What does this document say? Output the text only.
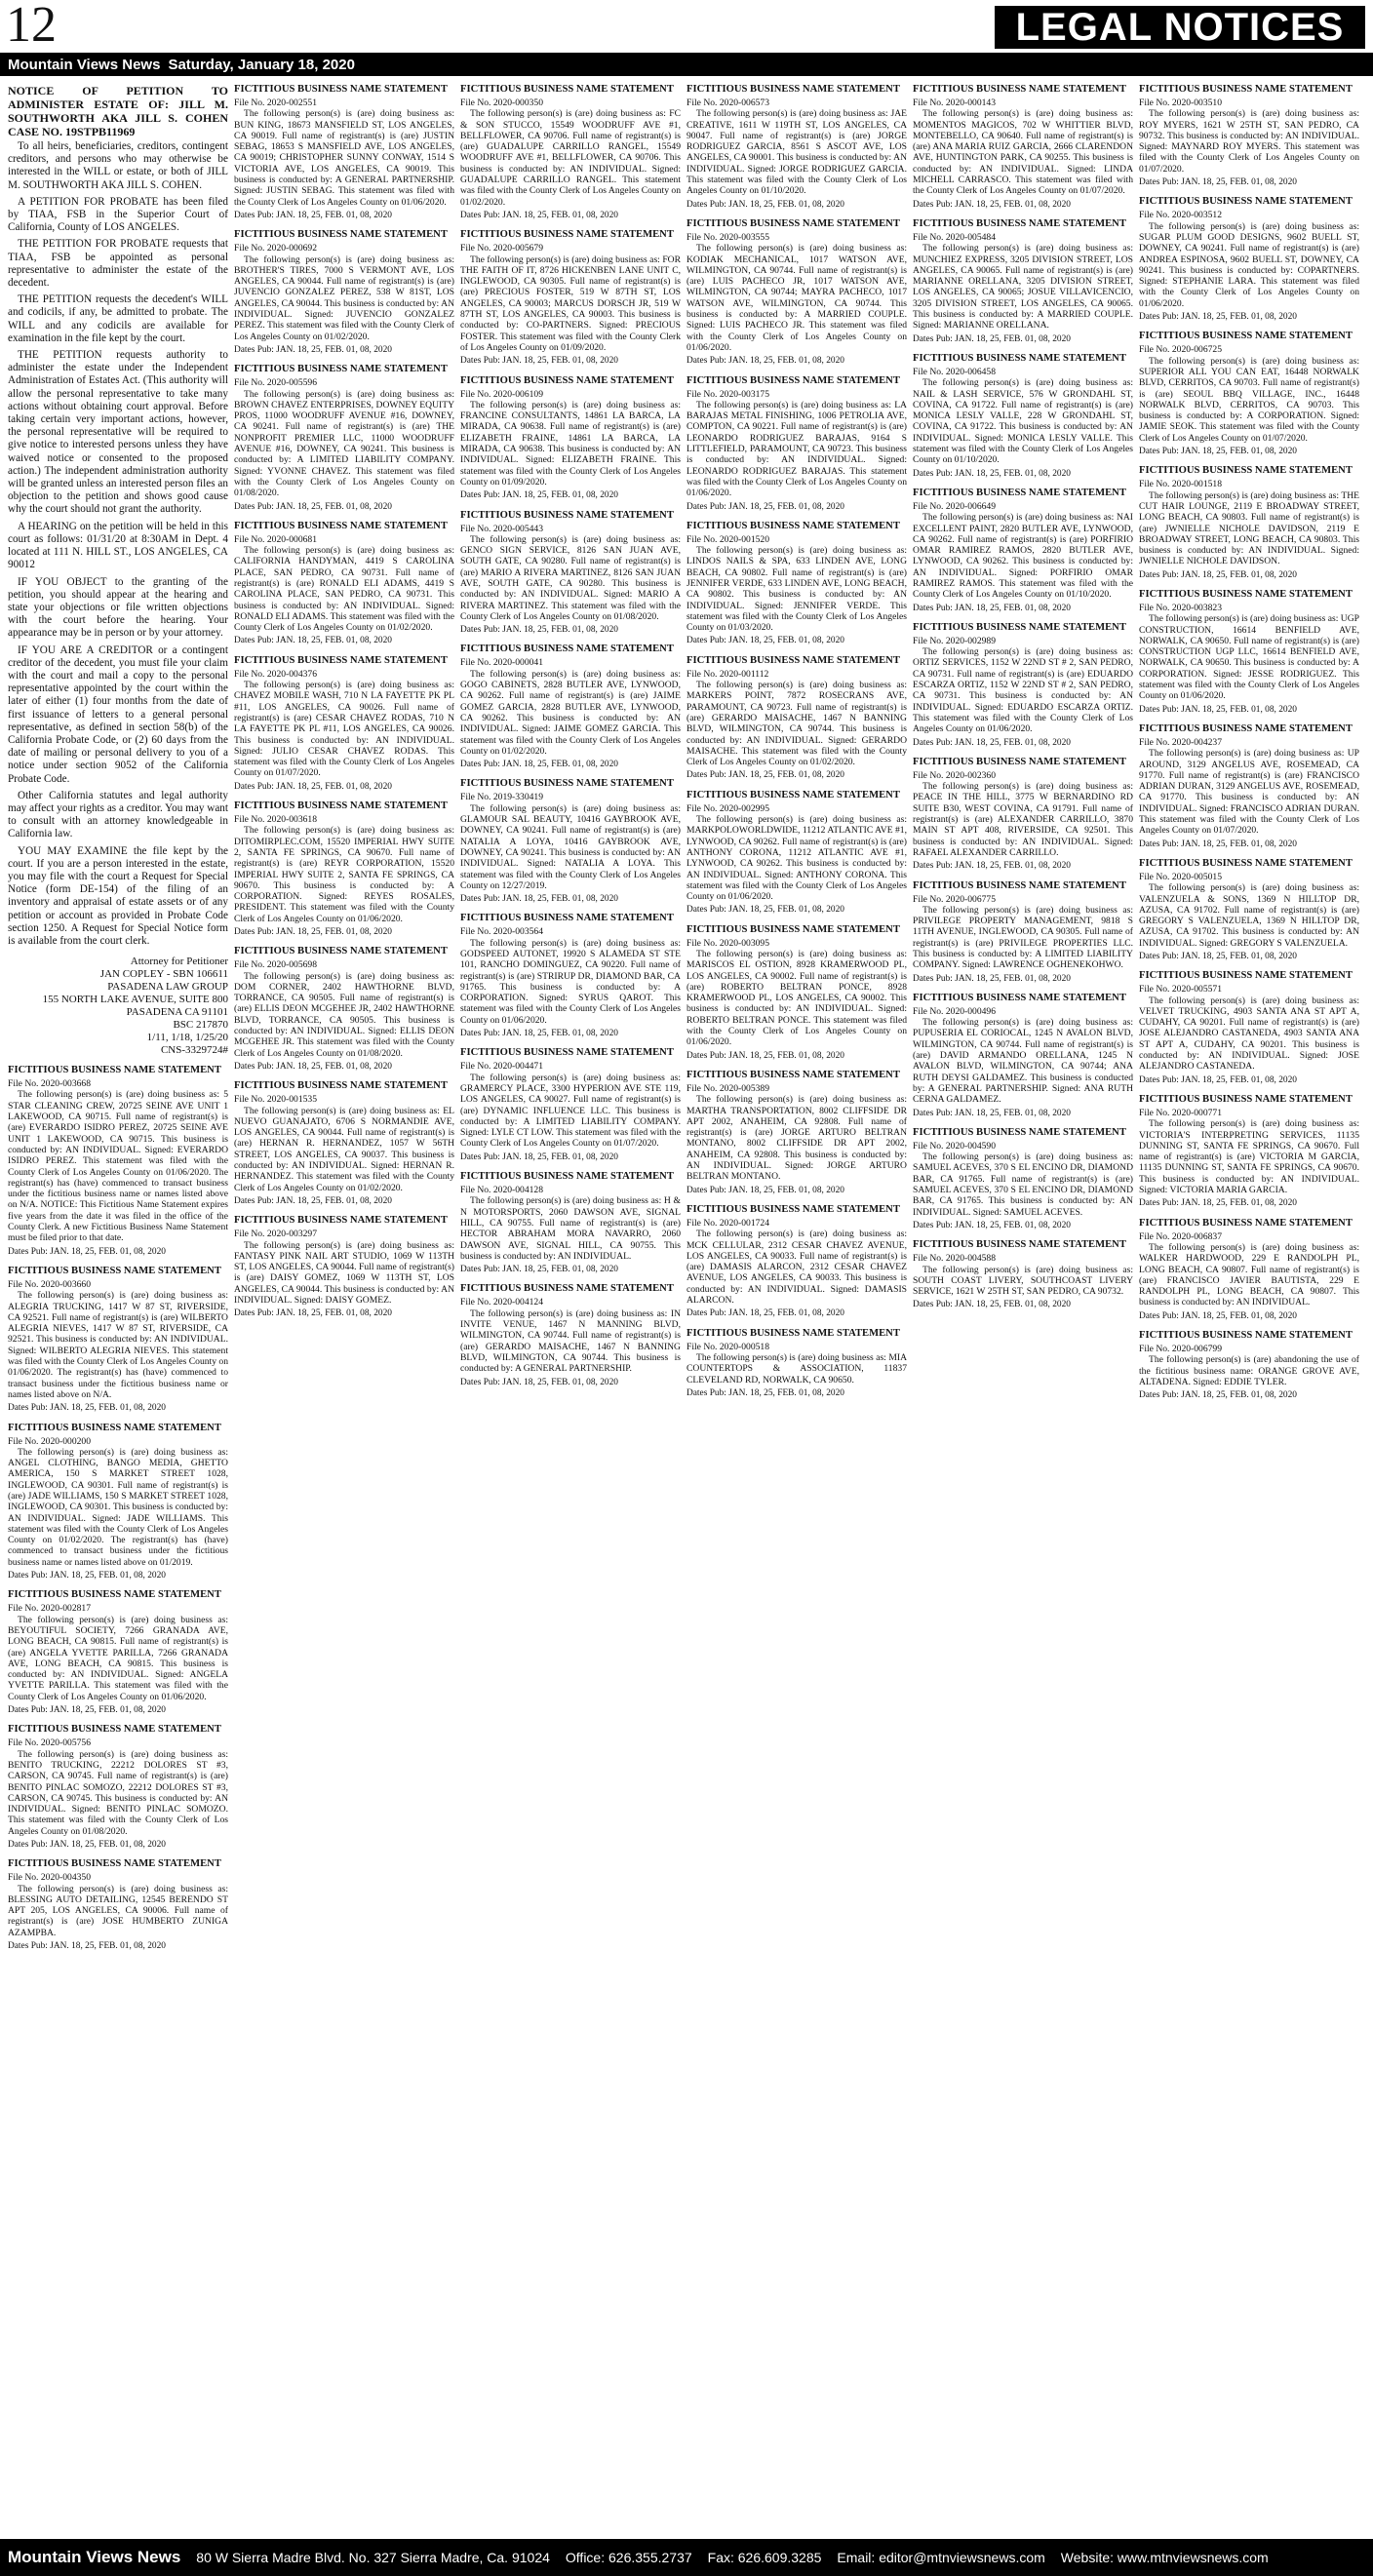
12	LEGAL NOTICES
Mountain Views News Saturday, January 18, 2020
NOTICE OF PETITION TO ADMINISTER ESTATE OF: JILL M. SOUTHWORTH AKA JILL S. COHEN CASE NO. 19STPB11969

To all heirs, beneficiaries, creditors, contingent creditors, and persons who may otherwise be interested in the WILL or estate, or both of JILL M. SOUTHWORTH AKA JILL S. COHEN.

A PETITION FOR PROBATE has been filed by TIAA, FSB in the Superior Court of California, County of LOS ANGELES.

THE PETITION FOR PROBATE requests that TIAA, FSB be appointed as personal representative to administer the estate of the decedent.

THE PETITION requests the decedent's WILL and codicils, if any, be admitted to probate. The WILL and any codicils are available for examination in the file kept by the court.

THE PETITION requests authority to administer the estate under the Independent Administration of Estates Act. (This authority will allow the personal representative to take many actions without obtaining court approval. Before taking certain very important actions, however, the personal representative will be required to give notice to interested persons unless they have waived notice or consented to the proposed action.) The independent administration authority will be granted unless an interested person files an objection to the petition and shows good cause why the court should not grant the authority.

A HEARING on the petition will be held in this court as follows: 01/31/20 at 8:30AM in Dept. 4 located at 111 N. HILL ST., LOS ANGELES, CA 90012

IF YOU OBJECT to the granting of the petition, you should appear at the hearing and state your objections or file written objections with the court before the hearing. Your appearance may be in person or by your attorney.

IF YOU ARE A CREDITOR or a contingent creditor of the decedent, you must file your claim with the court and mail a copy to the personal representative appointed by the court within the later of either (1) four months from the date of first issuance of letters to a general personal representative, as defined in section 58(b) of the California Probate Code, or (2) 60 days from the date of mailing or personal delivery to you of a notice under section 9052 of the California Probate Code.

Other California statutes and legal authority may affect your rights as a creditor. You may want to consult with an attorney knowledgeable in California law.

YOU MAY EXAMINE the file kept by the court. If you are a person interested in the estate, you may file with the court a Request for Special Notice (form DE-154) of the filing of an inventory and appraisal of estate assets or of any petition or account as provided in Probate Code section 1250. A Request for Special Notice form is available from the court clerk.

Attorney for Petitioner
JAN COPLEY - SBN 106611
PASADENA LAW GROUP
155 NORTH LAKE AVENUE, SUITE 800
PASADENA CA 91101
BSC 217870
1/11, 1/18, 1/25/20
CNS-3329724#
FICTITIOUS BUSINESS NAME STATEMENT
File No. 2020-003668

The following person(s) is (are) doing business as: 5 STAR CLEANING CREW, 20725 SEINE AVE UNIT 1 LAKEWOOD, CA 90715. Full name of registrant(s) is (are) EVERARDO ISIDRO PEREZ, 20725 SEINE AVE UNIT 1 LAKEWOOD, CA 90715. This business is conducted by: AN INDIVIDUAL. Signed: EVERARDO ISIDRO PEREZ. This statement was filed with the County Clerk of Los Angeles County on 01/06/2020. The registrant(s) has (have) commenced to transact business under the fictitious business name or names listed above on N/A. NOTICE: This Fictitious Name Statement expires five years from the date it was filed in the office of the County Clerk. A new Fictitious Business Name Statement must be filed prior to that date.

Dates Pub: JAN. 18, 25, FEB. 01, 08, 2020
FICTITIOUS BUSINESS NAME STATEMENT
File No. 2020-003660

The following person(s) is (are) doing business as: ALEGRIA TRUCKING, 1417 W 87 ST, RIVERSIDE, CA 92521. Full name of registrant(s) is (are) WILBERTO ALEGRIA NIEVES, 1417 W 87 ST, RIVERSIDE, CA 92521. This business is conducted by: AN INDIVIDUAL. Signed: WILBERTO ALEGRIA NIEVES. This statement was filed with the County Clerk of Los Angeles County on 01/06/2020. The registrant(s) has (have) commenced to transact business under the fictitious business name or names listed above on N/A.

Dates Pub: JAN. 18, 25, FEB. 01, 08, 2020
FICTITIOUS BUSINESS NAME STATEMENT
File No. 2020-000200

The following person(s) is (are) doing business as: ANGEL CLOTHING, BANGO MEDIA, GHETTO AMERICA, 150 S MARKET STREET 1028, INGLEWOOD, CA 90301. Full name of registrant(s) is (are) JADE WILLIAMS, 150 S MARKET STREET 1028, INGLEWOOD, CA 90301. This business is conducted by: AN INDIVIDUAL. Signed: JADE WILLIAMS. This statement was filed with the County Clerk of Los Angeles County on 01/02/2020. The registrant(s) has (have) commenced to transact business under the fictitious business name or names listed above on 01/2019.

Dates Pub: JAN. 18, 25, FEB. 01, 08, 2020
FICTITIOUS BUSINESS NAME STATEMENT
File No. 2020-002817

The following person(s) is (are) doing business as: BEYOUTIFUL SOCIETY, 7266 GRANADA AVE, LONG BEACH, CA 90815. Full name of registrant(s) is (are) ANGELA YVETTE PARILLA, 7266 GRANADA AVE, LONG BEACH, CA 90815. This business is conducted by: AN INDIVIDUAL. Signed: ANGELA YVETTE PARILLA. This statement was filed with the County Clerk of Los Angeles County on 01/06/2020.

Dates Pub: JAN. 18, 25, FEB. 01, 08, 2020
FICTITIOUS BUSINESS NAME STATEMENT
File No. 2020-005756

The following person(s) is (are) doing business as: BENITO TRUCKING, 22212 DOLORES ST #3, CARSON, CA 90745. Full name of registrant(s) is (are) BENITO PINLAC SOMOZO, 22212 DOLORES ST #3, CARSON, CA 90745. This business is conducted by: AN INDIVIDUAL. Signed: BENITO PINLAC SOMOZO. This statement was filed with the County Clerk of Los Angeles County on 01/08/2020.

Dates Pub: JAN. 18, 25, FEB. 01, 08, 2020
FICTITIOUS BUSINESS NAME STATEMENT
File No. 2020-004350

The following person(s) is (are) doing business as: BLESSING AUTO DETAILING, 12545 BERENDO ST APT 205, LOS ANGELES, CA 90006. Full name of registrant(s) is (are) JOSE HUMBERTO ZUNIGA AZAMPBA.

Dates Pub: JAN. 18, 25, FEB. 01, 08, 2020
FICTITIOUS BUSINESS NAME STATEMENT
File No. 2020-002551

The following person(s) is (are) doing business as: BUN KING, 18673 MANSFIELD ST, LOS ANGELES, CA 90019. Full name of registrant(s) is (are) JUSTIN SEBAG, 18653 S MANSFIELD AVE, LOS ANGELES, CA 90019; CHRISTOPHER SUNNY CONWAY, 1514 S VICTORIA AVE, LOS ANGELES, CA 90019. This business is conducted by: A GENERAL PARTNERSHIP. Signed: JUSTIN SEBAG. This statement was filed with the County Clerk of Los Angeles County on 01/06/2020.

Dates Pub: JAN. 18, 25, FEB. 01, 08, 2020
FICTITIOUS BUSINESS NAME STATEMENT
File No. 2020-000692

The following person(s) is (are) doing business as: BROTHER'S TIRES, 7000 S VERMONT AVE, LOS ANGELES, CA 90044. Full name of registrant(s) is (are) JUVENCIO GONZALEZ PEREZ, 538 W 81ST, LOS ANGELES, CA 90044. This business is conducted by: AN INDIVIDUAL. Signed: JUVENCIO GONZALEZ PEREZ. This statement was filed with the County Clerk of Los Angeles County on 01/02/2020.

Dates Pub: JAN. 18, 25, FEB. 01, 08, 2020
FICTITIOUS BUSINESS NAME STATEMENT
File No. 2020-005596

The following person(s) is (are) doing business as: BROWN CHAVEZ ENTERPRISES, DOWNEY EQUITY PROS, 11000 WOODRUFF AVENUE #16, DOWNEY, CA 90241. Full name of registrant(s) is (are) THE NONPROFIT PREMIER LLC, 11000 WOODRUFF AVENUE #16, DOWNEY, CA 90241. This business is conducted by: A LIMITED LIABILITY COMPANY. Signed: YVONNE CHAVEZ. This statement was filed with the County Clerk of Los Angeles County on 01/08/2020.

Dates Pub: JAN. 18, 25, FEB. 01, 08, 2020
FICTITIOUS BUSINESS NAME STATEMENT
File No. 2020-000681

The following person(s) is (are) doing business as: CALIFORNIA HANDYMAN, 4419 S CAROLINA PLACE, SAN PEDRO, CA 90731. Full name of registrant(s) is (are) RONALD ELI ADAMS, 4419 S CAROLINA PLACE, SAN PEDRO, CA 90731. This business is conducted by: AN INDIVIDUAL. Signed: RONALD ELI ADAMS. This statement was filed with the County Clerk of Los Angeles County on 01/02/2020.

Dates Pub: JAN. 18, 25, FEB. 01, 08, 2020
FICTITIOUS BUSINESS NAME STATEMENT
File No. 2020-004376

The following person(s) is (are) doing business as: CHAVEZ MOBILE WASH, 710 N LA FAYETTE PK PL #11, LOS ANGELES, CA 90026. Full name of registrant(s) is (are) CESAR CHAVEZ RODAS, 710 N LA FAYETTE PK PL #11, LOS ANGELES, CA 90026. This business is conducted by: AN INDIVIDUAL. Signed: JULIO CESAR CHAVEZ RODAS. This statement was filed with the County Clerk of Los Angeles County on 01/07/2020.

Dates Pub: JAN. 18, 25, FEB. 01, 08, 2020
FICTITIOUS BUSINESS NAME STATEMENT
File No. 2020-003618

The following person(s) is (are) doing business as: DITOMIRPLEC.COM, 15520 IMPERIAL HWY SUITE 2, SANTA FE SPRINGS, CA 90670. Full name of registrant(s) is (are) REYR CORPORATION, 15520 IMPERIAL HWY SUITE 2, SANTA FE SPRINGS, CA 90670. This business is conducted by: A CORPORATION. Signed: REYES ROSALES, PRESIDENT. This statement was filed with the County Clerk of Los Angeles County on 01/06/2020.

Dates Pub: JAN. 18, 25, FEB. 01, 08, 2020
FICTITIOUS BUSINESS NAME STATEMENT
File No. 2020-005698

The following person(s) is (are) doing business as: DOM CORNER, 2402 HAWTHORNE BLVD, TORRANCE, CA 90505. Full name of registrant(s) is (are) ELLIS DEON MCGEHEE JR, 2402 HAWTHORNE BLVD, TORRANCE, CA 90505. This business is conducted by: AN INDIVIDUAL. Signed: ELLIS DEON MCGEHEE JR. This statement was filed with the County Clerk of Los Angeles County on 01/08/2020.

Dates Pub: JAN. 18, 25, FEB. 01, 08, 2020
FICTITIOUS BUSINESS NAME STATEMENT
File No. 2020-001535

The following person(s) is (are) doing business as: EL NUEVO GUANAJATO, 6706 S NORMANDIE AVE, LOS ANGELES, CA 90044. Full name of registrant(s) is (are) HERNAN R. HERNANDEZ, 1057 W 56TH STREET, LOS ANGELES, CA 90037. This business is conducted by: AN INDIVIDUAL. Signed: HERNAN R. HERNANDEZ. This statement was filed with the County Clerk of Los Angeles County on 01/02/2020.

Dates Pub: JAN. 18, 25, FEB. 01, 08, 2020
FICTITIOUS BUSINESS NAME STATEMENT
File No. 2020-003297

The following person(s) is (are) doing business as: FANTASY PINK NAIL ART STUDIO, 1069 W 113TH ST, LOS ANGELES, CA 90044. Full name of registrant(s) is (are) DAISY GOMEZ, 1069 W 113TH ST, LOS ANGELES, CA 90044. This business is conducted by: AN INDIVIDUAL. Signed: DAISY GOMEZ.

Dates Pub: JAN. 18, 25, FEB. 01, 08, 2020
FICTITIOUS BUSINESS NAME STATEMENT
File No. 2020-000350

The following person(s) is (are) doing business as: FC & SON STUCCO, 15549 WOODRUFF AVE #1, BELLFLOWER, CA 90706. Full name of registrant(s) is (are) GUADALUPE CARRILLO RANGEL, 15549 WOODRUFF AVE #1, BELLFLOWER, CA 90706. This business is conducted by: AN INDIVIDUAL. Signed: GUADALUPE CARRILLO RANGEL. This statement was filed with the County Clerk of Los Angeles County on 01/02/2020.

Dates Pub: JAN. 18, 25, FEB. 01, 08, 2020
FICTITIOUS BUSINESS NAME STATEMENT
File No. 2020-005679

The following person(s) is (are) doing business as: FOR THE FAITH OF IT, 8726 HICKENBEN LANE UNIT C, INGLEWOOD, CA 90305. Full name of registrant(s) is (are) PRECIOUS FOSTER, 519 W 87TH ST, LOS ANGELES, CA 90003; MARCUS DORSCH JR, 519 W 87TH ST, LOS ANGELES, CA 90003. This business is conducted by: CO-PARTNERS. Signed: PRECIOUS FOSTER. This statement was filed with the County Clerk of Los Angeles County on 01/09/2020.

Dates Pub: JAN. 18, 25, FEB. 01, 08, 2020
FICTITIOUS BUSINESS NAME STATEMENT
File No. 2020-006109

The following person(s) is (are) doing business as: FRANCINE CONSULTANTS, 14861 LA BARCA, LA MIRADA, CA 90638. Full name of registrant(s) is (are) ELIZABETH FRAINE, 14861 LA BARCA, LA MIRADA, CA 90638. This business is conducted by: AN INDIVIDUAL. Signed: ELIZABETH FRAINE. This statement was filed with the County Clerk of Los Angeles County on 01/09/2020.

Dates Pub: JAN. 18, 25, FEB. 01, 08, 2020
FICTITIOUS BUSINESS NAME STATEMENT
File No. 2020-005443

The following person(s) is (are) doing business as: GENCO SIGN SERVICE, 8126 SAN JUAN AVE, SOUTH GATE, CA 90280. Full name of registrant(s) is (are) MARIO A RIVERA MARTINEZ, 8126 SAN JUAN AVE, SOUTH GATE, CA 90280. This business is conducted by: AN INDIVIDUAL. Signed: MARIO A RIVERA MARTINEZ. This statement was filed with the County Clerk of Los Angeles County on 01/08/2020.

Dates Pub: JAN. 18, 25, FEB. 01, 08, 2020
FICTITIOUS BUSINESS NAME STATEMENT
File No. 2020-000041

The following person(s) is (are) doing business as: GOGO CABINETS, 2828 BUTLER AVE, LYNWOOD, CA 90262. Full name of registrant(s) is (are) JAIME GOMEZ GARCIA, 2828 BUTLER AVE, LYNWOOD, CA 90262. This business is conducted by: AN INDIVIDUAL. Signed: JAIME GOMEZ GARCIA. This statement was filed with the County Clerk of Los Angeles County on 01/02/2020.

Dates Pub: JAN. 18, 25, FEB. 01, 08, 2020
FICTITIOUS BUSINESS NAME STATEMENT
File No. 2019-330419

The following person(s) is (are) doing business as: GLAMOUR SAL BEAUTY, 10416 GAYBROOK AVE, DOWNEY, CA 90241. Full name of registrant(s) is (are) NATALIA A LOYA, 10416 GAYBROOK AVE, DOWNEY, CA 90241. This business is conducted by: AN INDIVIDUAL. Signed: NATALIA A LOYA. This statement was filed with the County Clerk of Los Angeles County on 12/27/2019.

Dates Pub: JAN. 18, 25, FEB. 01, 08, 2020
FICTITIOUS BUSINESS NAME STATEMENT
File No. 2020-003564

The following person(s) is (are) doing business as: GODSPEED AUTONET, 19920 S ALAMEDA ST STE 101, RANCHO DOMINGUEZ, CA 90220. Full name of registrant(s) is (are) STRIRUP DR, DIAMOND BAR, CA 91765. This business is conducted by: A CORPORATION. Signed: SYRUS QAROT. This statement was filed with the County Clerk of Los Angeles County on 01/06/2020.

Dates Pub: JAN. 18, 25, FEB. 01, 08, 2020
FICTITIOUS BUSINESS NAME STATEMENT
File No. 2020-004471

The following person(s) is (are) doing business as: GRAMERCY PLACE, 3300 HYPERION AVE STE 119, LOS ANGELES, CA 90027. Full name of registrant(s) is (are) DYNAMIC INFLUENCE LLC. This business is conducted by: A LIMITED LIABILITY COMPANY. Signed: LYLE CT LOW. This statement was filed with the County Clerk of Los Angeles County on 01/07/2020.

Dates Pub: JAN. 18, 25, FEB. 01, 08, 2020
FICTITIOUS BUSINESS NAME STATEMENT
File No. 2020-004128

The following person(s) is (are) doing business as: H & N MOTORSPORTS, 2060 DAWSON AVE, SIGNAL HILL, CA 90755. Full name of registrant(s) is (are) HECTOR ABRAHAM MORA NAVARRO, 2060 DAWSON AVE, SIGNAL HILL, CA 90755. This business is conducted by: AN INDIVIDUAL.

Dates Pub: JAN. 18, 25, FEB. 01, 08, 2020
FICTITIOUS BUSINESS NAME STATEMENT
File No. 2020-004124

The following person(s) is (are) doing business as: IN INVITE VENUE, 1467 N MANNING BLVD, WILMINGTON, CA 90744. Full name of registrant(s) is (are) GERARDO MAISACHE, 1467 N BANNING BLVD, WILMINGTON, CA 90744. This business is conducted by: A GENERAL PARTNERSHIP.

Dates Pub: JAN. 18, 25, FEB. 01, 08, 2020
FICTITIOUS BUSINESS NAME STATEMENT
File No. 2020-006573

The following person(s) is (are) doing business as: JAE CREATIVE, 1611 W 119TH ST, LOS ANGELES, CA 90047. Full name of registrant(s) is (are) JORGE RODRIGUEZ GARCIA, 8561 S ASCOT AVE, LOS ANGELES, CA 90001. This business is conducted by: AN INDIVIDUAL. Signed: JORGE RODRIGUEZ GARCIA. This statement was filed with the County Clerk of Los Angeles County on 01/10/2020.

Dates Pub: JAN. 18, 25, FEB. 01, 08, 2020
FICTITIOUS BUSINESS NAME STATEMENT
File No. 2020-003555

The following person(s) is (are) doing business as: KODIAK MECHANICAL, 1017 WATSON AVE, WILMINGTON, CA 90744. Full name of registrant(s) is (are) LUIS PACHECO JR, 1017 WATSON AVE, WILMINGTON, CA 90744; MAYRA PACHECO, 1017 WATSON AVE, WILMINGTON, CA 90744. This business is conducted by: A MARRIED COUPLE. Signed: LUIS PACHECO JR. This statement was filed with the County Clerk of Los Angeles County on 01/06/2020.

Dates Pub: JAN. 18, 25, FEB. 01, 08, 2020
FICTITIOUS BUSINESS NAME STATEMENT
File No. 2020-003175

The following person(s) is (are) doing business as: LA BARAJAS METAL FINISHING, 1006 PETROLIA AVE, COMPTON, CA 90221. Full name of registrant(s) is (are) LEONARDO RODRIGUEZ BARAJAS, 9164 S LITTLEFIELD, PARAMOUNT, CA 90723. This business is conducted by: AN INDIVIDUAL. Signed: LEONARDO RODRIGUEZ BARAJAS. This statement was filed with the County Clerk of Los Angeles County on 01/06/2020.

Dates Pub: JAN. 18, 25, FEB. 01, 08, 2020
FICTITIOUS BUSINESS NAME STATEMENT
File No. 2020-001520

The following person(s) is (are) doing business as: LINDOS NAILS & SPA, 633 LINDEN AVE, LONG BEACH, CA 90802. Full name of registrant(s) is (are) JENNIFER VERDE, 633 LINDEN AVE, LONG BEACH, CA 90802. This business is conducted by: AN INDIVIDUAL. Signed: JENNIFER VERDE. This statement was filed with the County Clerk of Los Angeles County on 01/03/2020.

Dates Pub: JAN. 18, 25, FEB. 01, 08, 2020
FICTITIOUS BUSINESS NAME STATEMENT
File No. 2020-001112

The following person(s) is (are) doing business as: MARKERS POINT, 7872 ROSECRANS AVE, PARAMOUNT, CA 90723. Full name of registrant(s) is (are) GERARDO MAISACHE, 1467 N BANNING BLVD, WILMINGTON, CA 90744. This business is conducted by: AN INDIVIDUAL. Signed: GERARDO MAISACHE. This statement was filed with the County Clerk of Los Angeles County on 01/02/2020.

Dates Pub: JAN. 18, 25, FEB. 01, 08, 2020
FICTITIOUS BUSINESS NAME STATEMENT
File No. 2020-002995

The following person(s) is (are) doing business as: MARKPOLOWORLDWIDE, 11212 ATLANTIC AVE #1, LYNWOOD, CA 90262. Full name of registrant(s) is (are) ANTHONY CORONA, 11212 ATLANTIC AVE #1, LYNWOOD, CA 90262. This business is conducted by: AN INDIVIDUAL. Signed: ANTHONY CORONA. This statement was filed with the County Clerk of Los Angeles County on 01/06/2020.

Dates Pub: JAN. 18, 25, FEB. 01, 08, 2020
FICTITIOUS BUSINESS NAME STATEMENT
File No. 2020-003095

The following person(s) is (are) doing business as: MARISCOS EL OSTION, 8928 KRAMERWOOD PL, LOS ANGELES, CA 90002. Full name of registrant(s) is (are) ROBERTO BELTRAN PONCE, 8928 KRAMERWOOD PL, LOS ANGELES, CA 90002. This business is conducted by: AN INDIVIDUAL. Signed: ROBERTO BELTRAN PONCE. This statement was filed with the County Clerk of Los Angeles County on 01/06/2020.

Dates Pub: JAN. 18, 25, FEB. 01, 08, 2020
FICTITIOUS BUSINESS NAME STATEMENT
File No. 2020-005389

The following person(s) is (are) doing business as: MARTHA TRANSPORTATION, 8002 CLIFFSIDE DR APT 2002, ANAHEIM, CA 92808. Full name of registrant(s) is (are) JORGE ARTURO BELTRAN MONTANO, 8002 CLIFFSIDE DR APT 2002, ANAHEIM, CA 92808. This business is conducted by: AN INDIVIDUAL. Signed: JORGE ARTURO BELTRAN MONTANO.

Dates Pub: JAN. 18, 25, FEB. 01, 08, 2020
FICTITIOUS BUSINESS NAME STATEMENT
File No. 2020-001724

The following person(s) is (are) doing business as: MCK CELLULAR, 2312 CESAR CHAVEZ AVENUE, LOS ANGELES, CA 90033. Full name of registrant(s) is (are) DAMASIS ALARCON, 2312 CESAR CHAVEZ AVENUE, LOS ANGELES, CA 90033. This business is conducted by: AN INDIVIDUAL. Signed: DAMASIS ALARCON.

Dates Pub: JAN. 18, 25, FEB. 01, 08, 2020
FICTITIOUS BUSINESS NAME STATEMENT
File No. 2020-000518

The following person(s) is (are) doing business as: MIA COUNTERTOPS & ASSOCIATION, 11837 CLEVELAND RD, NORWALK, CA 90650.

Dates Pub: JAN. 18, 25, FEB. 01, 08, 2020
FICTITIOUS BUSINESS NAME STATEMENT
File No. 2020-000143

The following person(s) is (are) doing business as: MOMENTOS MAGICOS, 702 W WHITTIER BLVD, MONTEBELLO, CA 90640. Full name of registrant(s) is (are) ANA MARIA RUIZ GARCIA, 2666 CLARENDON AVE, HUNTINGTON PARK, CA 90255. This business is conducted by: AN INDIVIDUAL. Signed: LINDA MICHELL CARRASCO. This statement was filed with the County Clerk of Los Angeles County on 01/07/2020.

Dates Pub: JAN. 18, 25, FEB. 01, 08, 2020
FICTITIOUS BUSINESS NAME STATEMENT
File No. 2020-005484

The following person(s) is (are) doing business as: MUNCHIEZ EXPRESS, 3205 DIVISION STREET, LOS ANGELES, CA 90065. Full name of registrant(s) is (are) MARIANNE ORELLANA, 3205 DIVISION STREET, LOS ANGELES, CA 90065; JOSUE VILLAVICENCIO, 3205 DIVISION STREET, LOS ANGELES, CA 90065. This business is conducted by: A MARRIED COUPLE. Signed: MARIANNE ORELLANA.

Dates Pub: JAN. 18, 25, FEB. 01, 08, 2020
FICTITIOUS BUSINESS NAME STATEMENT
File No. 2020-006458

The following person(s) is (are) doing business as: NAIL & LASH SERVICE, 576 W GRONDAHL ST, COVINA, CA 91722. Full name of registrant(s) is (are) MONICA LESLY VALLE, 228 W GRONDAHL ST, COVINA, CA 91722. This business is conducted by: AN INDIVIDUAL. Signed: MONICA LESLY VALLE. This statement was filed with the County Clerk of Los Angeles County on 01/10/2020.

Dates Pub: JAN. 18, 25, FEB. 01, 08, 2020
FICTITIOUS BUSINESS NAME STATEMENT
File No. 2020-006649

The following person(s) is (are) doing business as: NAI EXCELLENT PAINT, 2820 BUTLER AVE, LYNWOOD, CA 90262. Full name of registrant(s) is (are) PORFIRIO OMAR RAMIREZ RAMOS, 2820 BUTLER AVE, LYNWOOD, CA 90262. This business is conducted by: AN INDIVIDUAL. Signed: PORFIRIO OMAR RAMIREZ RAMOS. This statement was filed with the County Clerk of Los Angeles County on 01/10/2020.

Dates Pub: JAN. 18, 25, FEB. 01, 08, 2020
FICTITIOUS BUSINESS NAME STATEMENT
File No. 2020-002989

The following person(s) is (are) doing business as: ORTIZ SERVICES, 1152 W 22ND ST # 2, SAN PEDRO, CA 90731. Full name of registrant(s) is (are) EDUARDO ESCARZA ORTIZ, 1152 W 22ND ST # 2, SAN PEDRO, CA 90731. This business is conducted by: AN INDIVIDUAL. Signed: EDUARDO ESCARZA ORTIZ. This statement was filed with the County Clerk of Los Angeles County on 01/06/2020.

Dates Pub: JAN. 18, 25, FEB. 01, 08, 2020
FICTITIOUS BUSINESS NAME STATEMENT
File No. 2020-002360

The following person(s) is (are) doing business as: PEACE IN THE HILL, 3775 W BERNARDINO RD SUITE B30, WEST COVINA, CA 91791. Full name of registrant(s) is (are) ALEXANDER CARRILLO, 3870 MAIN ST APT 408, RIVERSIDE, CA 92501. This business is conducted by: AN INDIVIDUAL. Signed: RAFAEL ALEXANDER CARRILLO.

Dates Pub: JAN. 18, 25, FEB. 01, 08, 2020
FICTITIOUS BUSINESS NAME STATEMENT
File No. 2020-006775

The following person(s) is (are) doing business as: PRIVILEGE PROPERTY MANAGEMENT, 9818 S 11TH AVENUE, INGLEWOOD, CA 90305. Full name of registrant(s) is (are) PRIVILEGE PROPERTIES LLC. This business is conducted by: A LIMITED LIABILITY COMPANY. Signed: LAWRENCE OGHENEKOHWO.

Dates Pub: JAN. 18, 25, FEB. 01, 08, 2020
FICTITIOUS BUSINESS NAME STATEMENT
File No. 2020-000496

The following person(s) is (are) doing business as: PUPUSERIA EL CORIOCAL, 1245 N AVALON BLVD, WILMINGTON, CA 90744. Full name of registrant(s) is (are) DAVID ARMANDO ORELLANA, 1245 N AVALON BLVD, WILMINGTON, CA 90744; ANA RUTH DEYSI GALDAMEZ. This business is conducted by: A GENERAL PARTNERSHIP. Signed: ANA RUTH CERNA GALDAMEZ.

Dates Pub: JAN. 18, 25, FEB. 01, 08, 2020
FICTITIOUS BUSINESS NAME STATEMENT
File No. 2020-004590

The following person(s) is (are) doing business as: SAMUEL ACEVES, 370 S EL ENCINO DR, DIAMOND BAR, CA 91765. Full name of registrant(s) is (are) SAMUEL ACEVES, 370 S EL ENCINO DR, DIAMOND BAR, CA 91765. This business is conducted by: AN INDIVIDUAL. Signed: SAMUEL ACEVES.

Dates Pub: JAN. 18, 25, FEB. 01, 08, 2020
FICTITIOUS BUSINESS NAME STATEMENT
File No. 2020-004588

The following person(s) is (are) doing business as: SOUTH COAST LIVERY, SOUTHCOAST LIVERY SERVICE, 1621 W 25TH ST, SAN PEDRO, CA 90732.

Dates Pub: JAN. 18, 25, FEB. 01, 08, 2020
FICTITIOUS BUSINESS NAME STATEMENT
File No. 2020-003510

The following person(s) is (are) doing business as: ROY MYERS, 1621 W 25TH ST, SAN PEDRO, CA 90732. This business is conducted by: AN INDIVIDUAL. Signed: MAYNARD ROY MYERS. This statement was filed with the County Clerk of Los Angeles County on 01/07/2020.

Dates Pub: JAN. 18, 25, FEB. 01, 08, 2020
FICTITIOUS BUSINESS NAME STATEMENT
File No. 2020-003512

The following person(s) is (are) doing business as: SUGAR PLUM GOOD DESIGNS, 9602 BUELL ST, DOWNEY, CA 90241. Full name of registrant(s) is (are) ANDREA ESPINOSA, 9602 BUELL ST, DOWNEY, CA 90241. This business is conducted by: COPARTNERS. Signed: STEPHANIE LARA. This statement was filed with the County Clerk of Los Angeles County on 01/06/2020.

Dates Pub: JAN. 18, 25, FEB. 01, 08, 2020
FICTITIOUS BUSINESS NAME STATEMENT
File No. 2020-006725

The following person(s) is (are) doing business as: SUPERIOR ALL YOU CAN EAT, 16448 NORWALK BLVD, CERRITOS, CA 90703. Full name of registrant(s) is (are) SEOUL BBQ VILLAGE, INC., 16448 NORWALK BLVD, CERRITOS, CA 90703. This business is conducted by: A CORPORATION. Signed: JAMIE SEOK. This statement was filed with the County Clerk of Los Angeles County on 01/07/2020.

Dates Pub: JAN. 18, 25, FEB. 01, 08, 2020
FICTITIOUS BUSINESS NAME STATEMENT
File No. 2020-001518

The following person(s) is (are) doing business as: THE CUT HAIR LOUNGE, 2119 E BROADWAY STREET, LONG BEACH, CA 90803. Full name of registrant(s) is (are) JWNIELLE NICHOLE DAVIDSON, 2119 E BROADWAY STREET, LONG BEACH, CA 90803. This business is conducted by: AN INDIVIDUAL. Signed: JWNIELLE NICHOLE DAVIDSON.

Dates Pub: JAN. 18, 25, FEB. 01, 08, 2020
FICTITIOUS BUSINESS NAME STATEMENT
File No. 2020-003823

The following person(s) is (are) doing business as: UGP CONSTRUCTION, 16614 BENFIELD AVE, NORWALK, CA 90650. Full name of registrant(s) is (are) CONSTRUCTION UGP LLC, 16614 BENFIELD AVE, NORWALK, CA 90650. This business is conducted by: A CORPORATION. Signed: JESSE RODRIGUEZ. This statement was filed with the County Clerk of Los Angeles County on 01/06/2020.

Dates Pub: JAN. 18, 25, FEB. 01, 08, 2020
FICTITIOUS BUSINESS NAME STATEMENT
File No. 2020-004237

The following person(s) is (are) doing business as: UP AROUND, 3129 ANGELUS AVE, ROSEMEAD, CA 91770. Full name of registrant(s) is (are) FRANCISCO ADRIAN DURAN, 3129 ANGELUS AVE, ROSEMEAD, CA 91770. This business is conducted by: AN INDIVIDUAL. Signed: FRANCISCO ADRIAN DURAN. This statement was filed with the County Clerk of Los Angeles County on 01/07/2020.

Dates Pub: JAN. 18, 25, FEB. 01, 08, 2020
FICTITIOUS BUSINESS NAME STATEMENT
File No. 2020-005015

The following person(s) is (are) doing business as: VALENZUELA & SONS, 1369 N HILLTOP DR, AZUSA, CA 91702. Full name of registrant(s) is (are) GREGORY S VALENZUELA, 1369 N HILLTOP DR, AZUSA, CA 91702. This business is conducted by: AN INDIVIDUAL. Signed: GREGORY S VALENZUELA.

Dates Pub: JAN. 18, 25, FEB. 01, 08, 2020
FICTITIOUS BUSINESS NAME STATEMENT
File No. 2020-005571

The following person(s) is (are) doing business as: VELVET TRUCKING, 4903 SANTA ANA ST APT A, CUDAHY, CA 90201. Full name of registrant(s) is (are) JOSE ALEJANDRO CASTANEDA, 4903 SANTA ANA ST APT A, CUDAHY, CA 90201. This business is conducted by: AN INDIVIDUAL. Signed: JOSE ALEJANDRO CASTANEDA.

Dates Pub: JAN. 18, 25, FEB. 01, 08, 2020
FICTITIOUS BUSINESS NAME STATEMENT
File No. 2020-000771

The following person(s) is (are) doing business as: VICTORIA'S INTERPRETING SERVICES, 11135 DUNNING ST, SANTA FE SPRINGS, CA 90670. Full name of registrant(s) is (are) VICTORIA M GARCIA, 11135 DUNNING ST, SANTA FE SPRINGS, CA 90670. This business is conducted by: AN INDIVIDUAL. Signed: VICTORIA MARIA GARCIA.

Dates Pub: JAN. 18, 25, FEB. 01, 08, 2020
FICTITIOUS BUSINESS NAME STATEMENT
File No. 2020-006837

The following person(s) is (are) doing business as: WALKER HARDWOOD, 229 E RANDOLPH PL, LONG BEACH, CA 90807. Full name of registrant(s) is (are) FRANCISCO JAVIER BAUTISTA, 229 E RANDOLPH PL, LONG BEACH, CA 90807. This business is conducted by: AN INDIVIDUAL.

Dates Pub: JAN. 18, 25, FEB. 01, 08, 2020
FICTITIOUS BUSINESS NAME STATEMENT
File No. 2020-006799

The following person(s) is (are) abandoning the use of the fictitious business name: ORANGE GROVE AVE, ALTADENA. Signed: EDDIE TYLER.

Dates Pub: JAN. 18, 25, FEB. 01, 08, 2020
Mountain Views News 80 W Sierra Madre Blvd. No. 327 Sierra Madre, Ca. 91024 Office: 626.355.2737 Fax: 626.609.3285 Email: editor@mtnviewsnews.com Website: www.mtnviewsnews.com
